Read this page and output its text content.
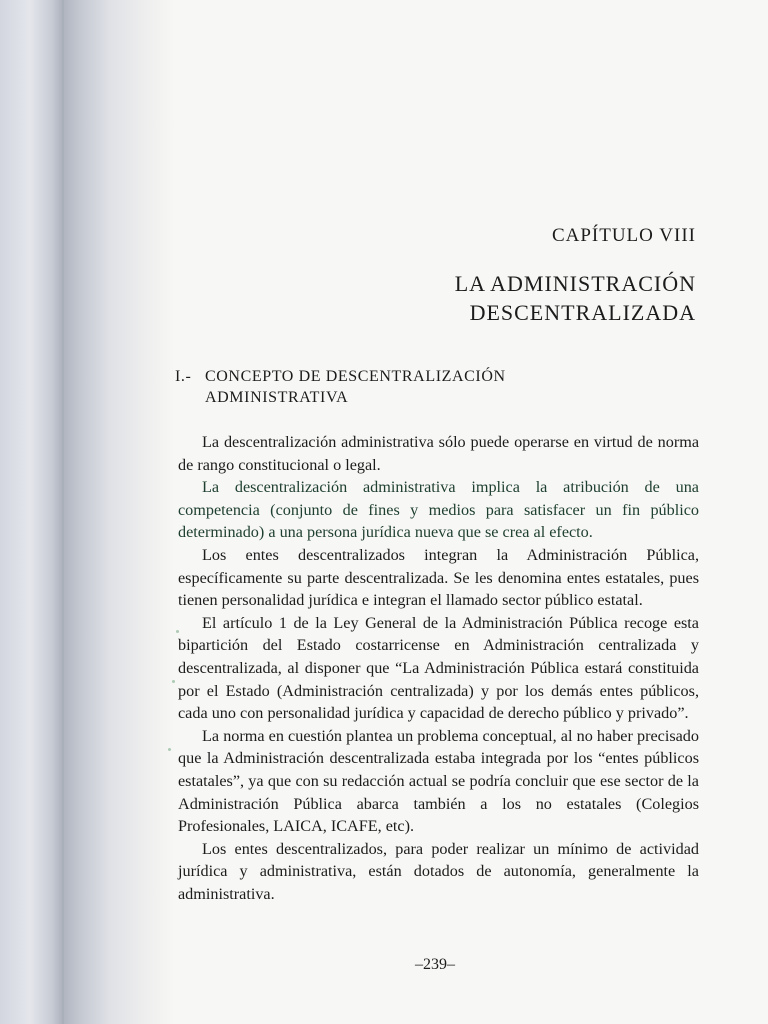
CAPÍTULO VIII
LA ADMINISTRACIÓN
DESCENTRALIZADA
I.- CONCEPTO DE DESCENTRALIZACIÓN
ADMINISTRATIVA

La descentralización administrativa sólo puede operarse en virtud de norma de rango constitucional o legal.

La descentralización administrativa implica la atribución de una competencia (conjunto de fines y medios para satisfacer un fin público determinado) a una persona jurídica nueva que se crea al efecto.

Los entes descentralizados integran la Administración Pública, específicamente su parte descentralizada. Se les denomina entes estatales, pues tienen personalidad jurídica e integran el llamado sector público estatal.

El artículo 1 de la Ley General de la Administración Pública recoge esta bipartición del Estado costarricense en Administración centralizada y descentralizada, al disponer que “La Administración Pública estará constituida por el Estado (Administración centralizada) y por los demás entes públicos, cada uno con personalidad jurídica y capacidad de derecho público y privado”.

La norma en cuestión plantea un problema conceptual, al no haber precisado que la Administración descentralizada estaba integrada por los “entes públicos estatales”, ya que con su redacción actual se podría concluir que ese sector de la Administración Pública abarca también a los no estatales (Colegios Profesionales, LAICA, ICAFE, etc).

Los entes descentralizados, para poder realizar un mínimo de actividad jurídica y administrativa, están dotados de autonomía, generalmente la administrativa.

–239–
